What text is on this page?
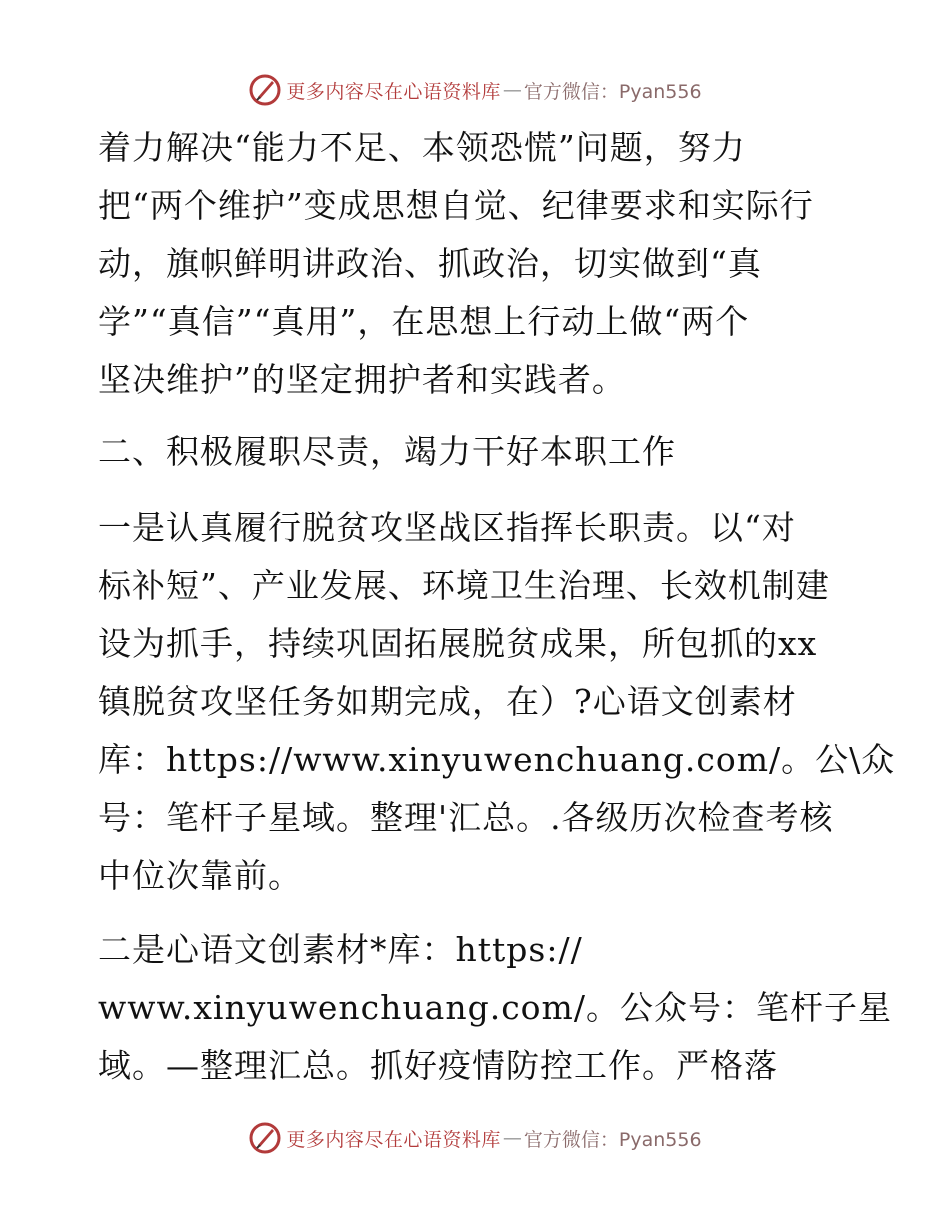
更多内容尽在心语资料库 — 官方微信：Pyan556
着力解决“能力不足、本领恐慌”问题，努力
把“两个维护”变成思想自觉、纪律要求和实际行
动，旗帜鲜明讲政治、抓政治，切实做到“真
学”“真信”“真用”，在思想上行动上做“两个
坚决维护”的坚定拥护者和实践者。
二、积极履职尽责，竭力干好本职工作
一是认真履行脱贫攻坚战区指挥长职责。以“对
标补短”、产业发展、环境卫生治理、长效机制建
设为抓手，持续巩固拓展脱贫成果，所包抓的xx
镇脱贫攻坚任务如期完成，在）?心语文创素材
库：https://www.xinyuwenchuang.com/。公\众
号：笔杆子星域。整理'汇总。.各级历次检查考核
中位次靠前。
二是心语文创素材*库：https://
www.xinyuwenchuang.com/。公众号：笔杆子星
域。—整理汇总。抓好疫情防控工作。严格落
更多内容尽在心语资料库 — 官方微信：Pyan556
